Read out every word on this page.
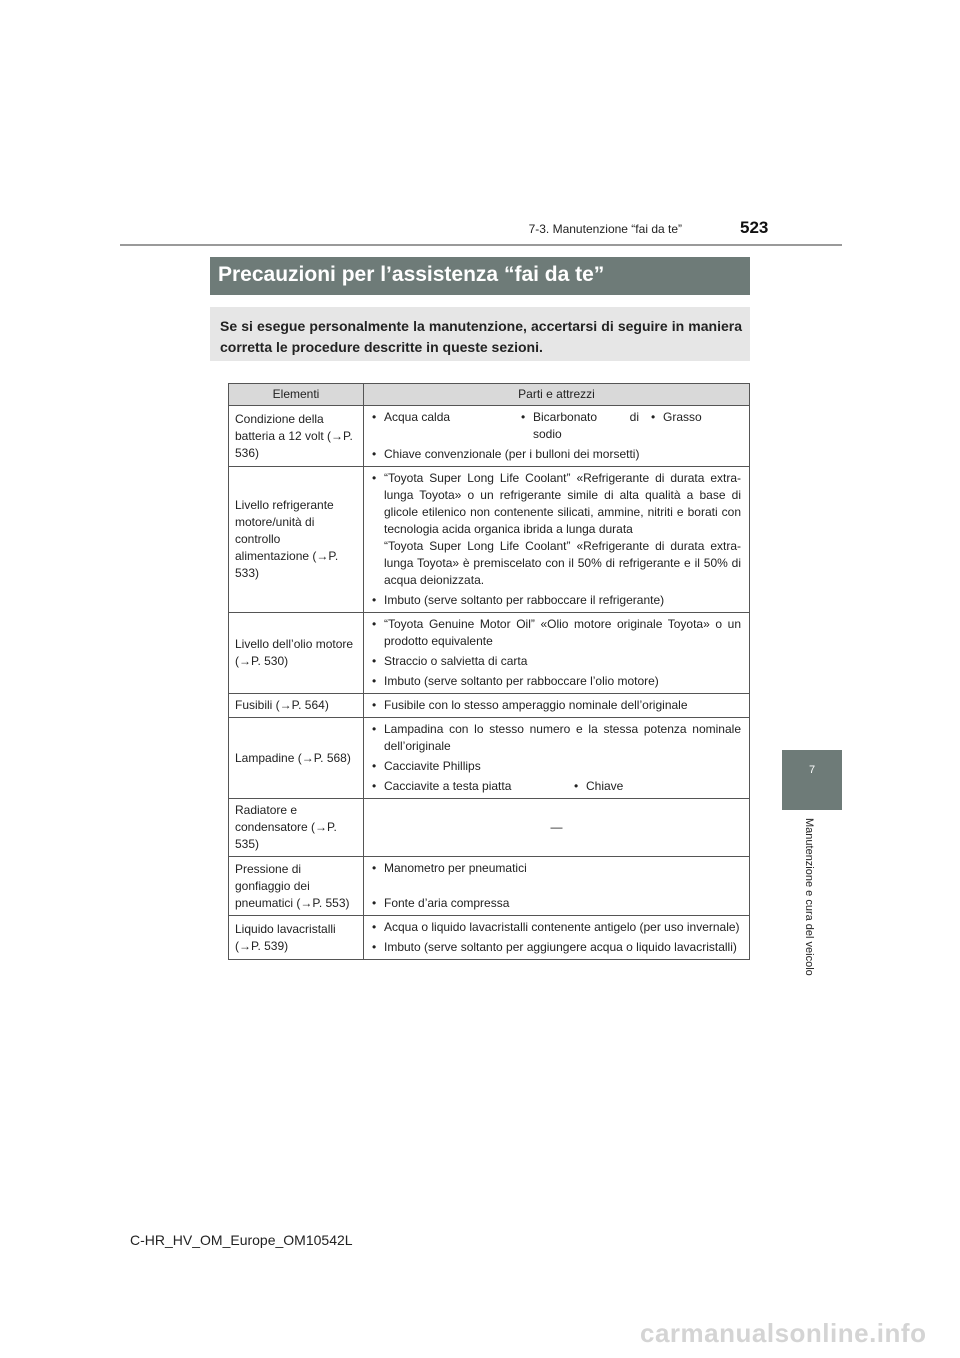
7-3. Manutenzione “fai da te”	523
Precauzioni per l’assistenza “fai da te”

Se si esegue personalmente la manutenzione, accertarsi di seguire in maniera corretta le procedure descritte in queste sezioni.

Elementi	Parti e attrezzi
Condizione della batteria a 12 volt (→P. 536)	• Acqua calda • Bicarbonato di sodio
• Grasso
• Chiave convenzionale (per i bulloni dei morsetti)

Livello refrigerante motore/unità di controllo alimentazione (→P. 533)	• “Toyota Super Long Life Coolant” «Refrigerante di durata extra-lunga Toyota» o un refrigerante simile di alta qualità a base di glicole etilenico non contenente silicati, ammine, nitriti e borati con tecnologia acida organica ibrida a lunga durata
“Toyota Super Long Life Coolant” «Refrigerante di durata extra-lunga Toyota» è premiscelato con il 50% di refrigerante e il 50% di acqua deionizzata.
• Imbuto (serve soltanto per rabboccare il refrigerante)

Livello dell’olio motore (→P. 530)	• “Toyota Genuine Motor Oil” «Olio motore originale Toyota» o un prodotto equivalente
• Straccio o salvietta di carta
• Imbuto (serve soltanto per rabboccare l’olio motore)

Fusibili (→P. 564)	• Fusibile con lo stesso amperaggio nominale dell’originale

Lampadine (→P. 568)	• Lampadina con lo stesso numero e la stessa potenza nominale dell’originale
• Cacciavite Phillips
• Cacciavite a testa piatta • Chiave

Radiatore e condensatore (→P. 535)	—
Pressione di gonfiaggio dei pneumatici (→P. 553)	• Manometro per pneumatici
• Fonte d’aria compressa

Liquido lavacristalli (→P. 539)	• Acqua o liquido lavacristalli contenente antigelo (per uso invernale)
• Imbuto (serve soltanto per aggiungere acqua o liquido lavacristalli)
7
Manutenzione e cura del veicolo
C-HR_HV_OM_Europe_OM10542L
carmanualsonline.info
